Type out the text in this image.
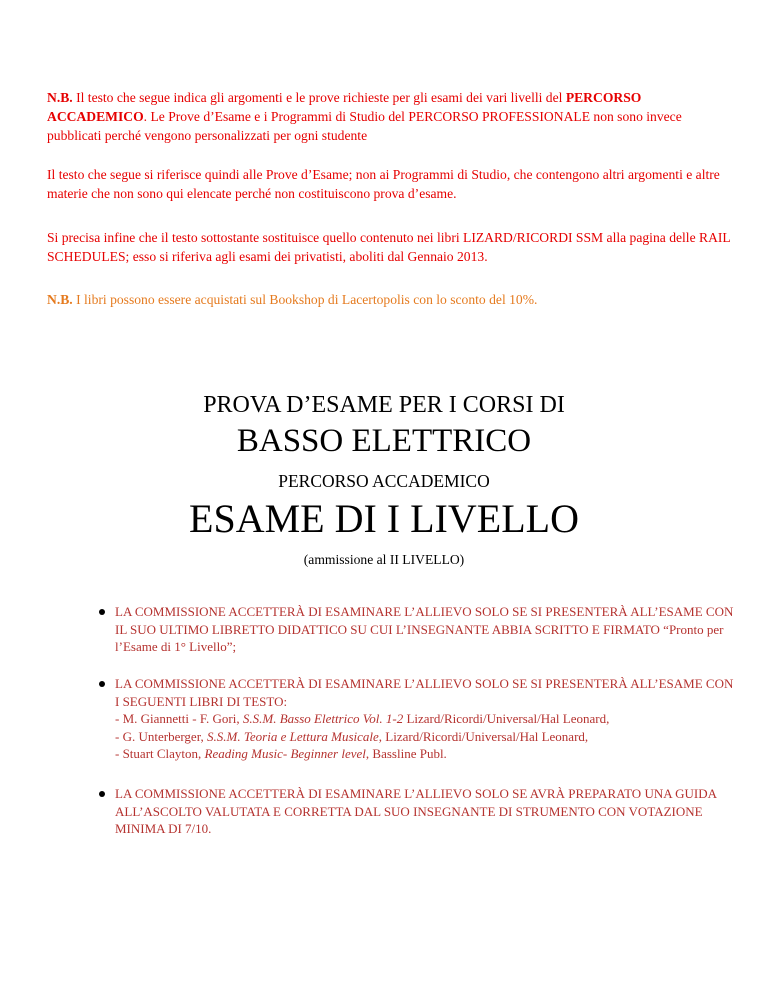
N.B. Il testo che segue indica gli argomenti e le prove richieste per gli esami dei vari livelli del PERCORSO ACCADEMICO. Le Prove d’Esame e i Programmi di Studio del PERCORSO PROFESSIONALE non sono invece pubblicati perché vengono personalizzati per ogni studente

Il testo che segue si riferisce quindi alle Prove d’Esame; non ai Programmi di Studio, che contengono altri argomenti e altre materie che non sono qui elencate perché non costituiscono prova d’esame.

Si precisa infine che il testo sottostante sostituisce quello contenuto nei libri LIZARD/RICORDI SSM alla pagina delle RAIL SCHEDULES; esso si riferiva agli esami dei privatisti, aboliti dal Gennaio 2013.

N.B. I libri possono essere acquistati sul Bookshop di Lacertopolis con lo sconto del 10%.

PROVA D’ESAME PER I CORSI DI

BASSO ELETTRICO

PERCORSO ACCADEMICO

ESAME DI I LIVELLO

(ammissione al II LIVELLO)

LA COMMISSIONE ACCETTERÀ DI ESAMINARE L’ALLIEVO SOLO SE SI PRESENTERÀ ALL’ESAME CON IL SUO ULTIMO LIBRETTO DIDATTICO SU CUI L’INSEGNANTE ABBIA SCRITTO E FIRMATO “Pronto per l’Esame di 1° Livello”;
LA COMMISSIONE ACCETTERÀ DI ESAMINARE L’ALLIEVO SOLO SE SI PRESENTERÀ ALL’ESAME CON I SEGUENTI LIBRI DI TESTO:
- M. Giannetti - F. Gori, S.S.M. Basso Elettrico Vol. 1-2 Lizard/Ricordi/Universal/Hal Leonard,
- G. Unterberger, S.S.M. Teoria e Lettura Musicale, Lizard/Ricordi/Universal/Hal Leonard,
- Stuart Clayton, Reading Music- Beginner level, Bassline Publ.
LA COMMISSIONE ACCETTERÀ DI ESAMINARE L’ALLIEVO SOLO SE AVRÀ PREPARATO UNA GUIDA ALL’ASCOLTO VALUTATA E CORRETTA DAL SUO INSEGNANTE DI STRUMENTO CON VOTAZIONE MINIMA DI 7/10.
